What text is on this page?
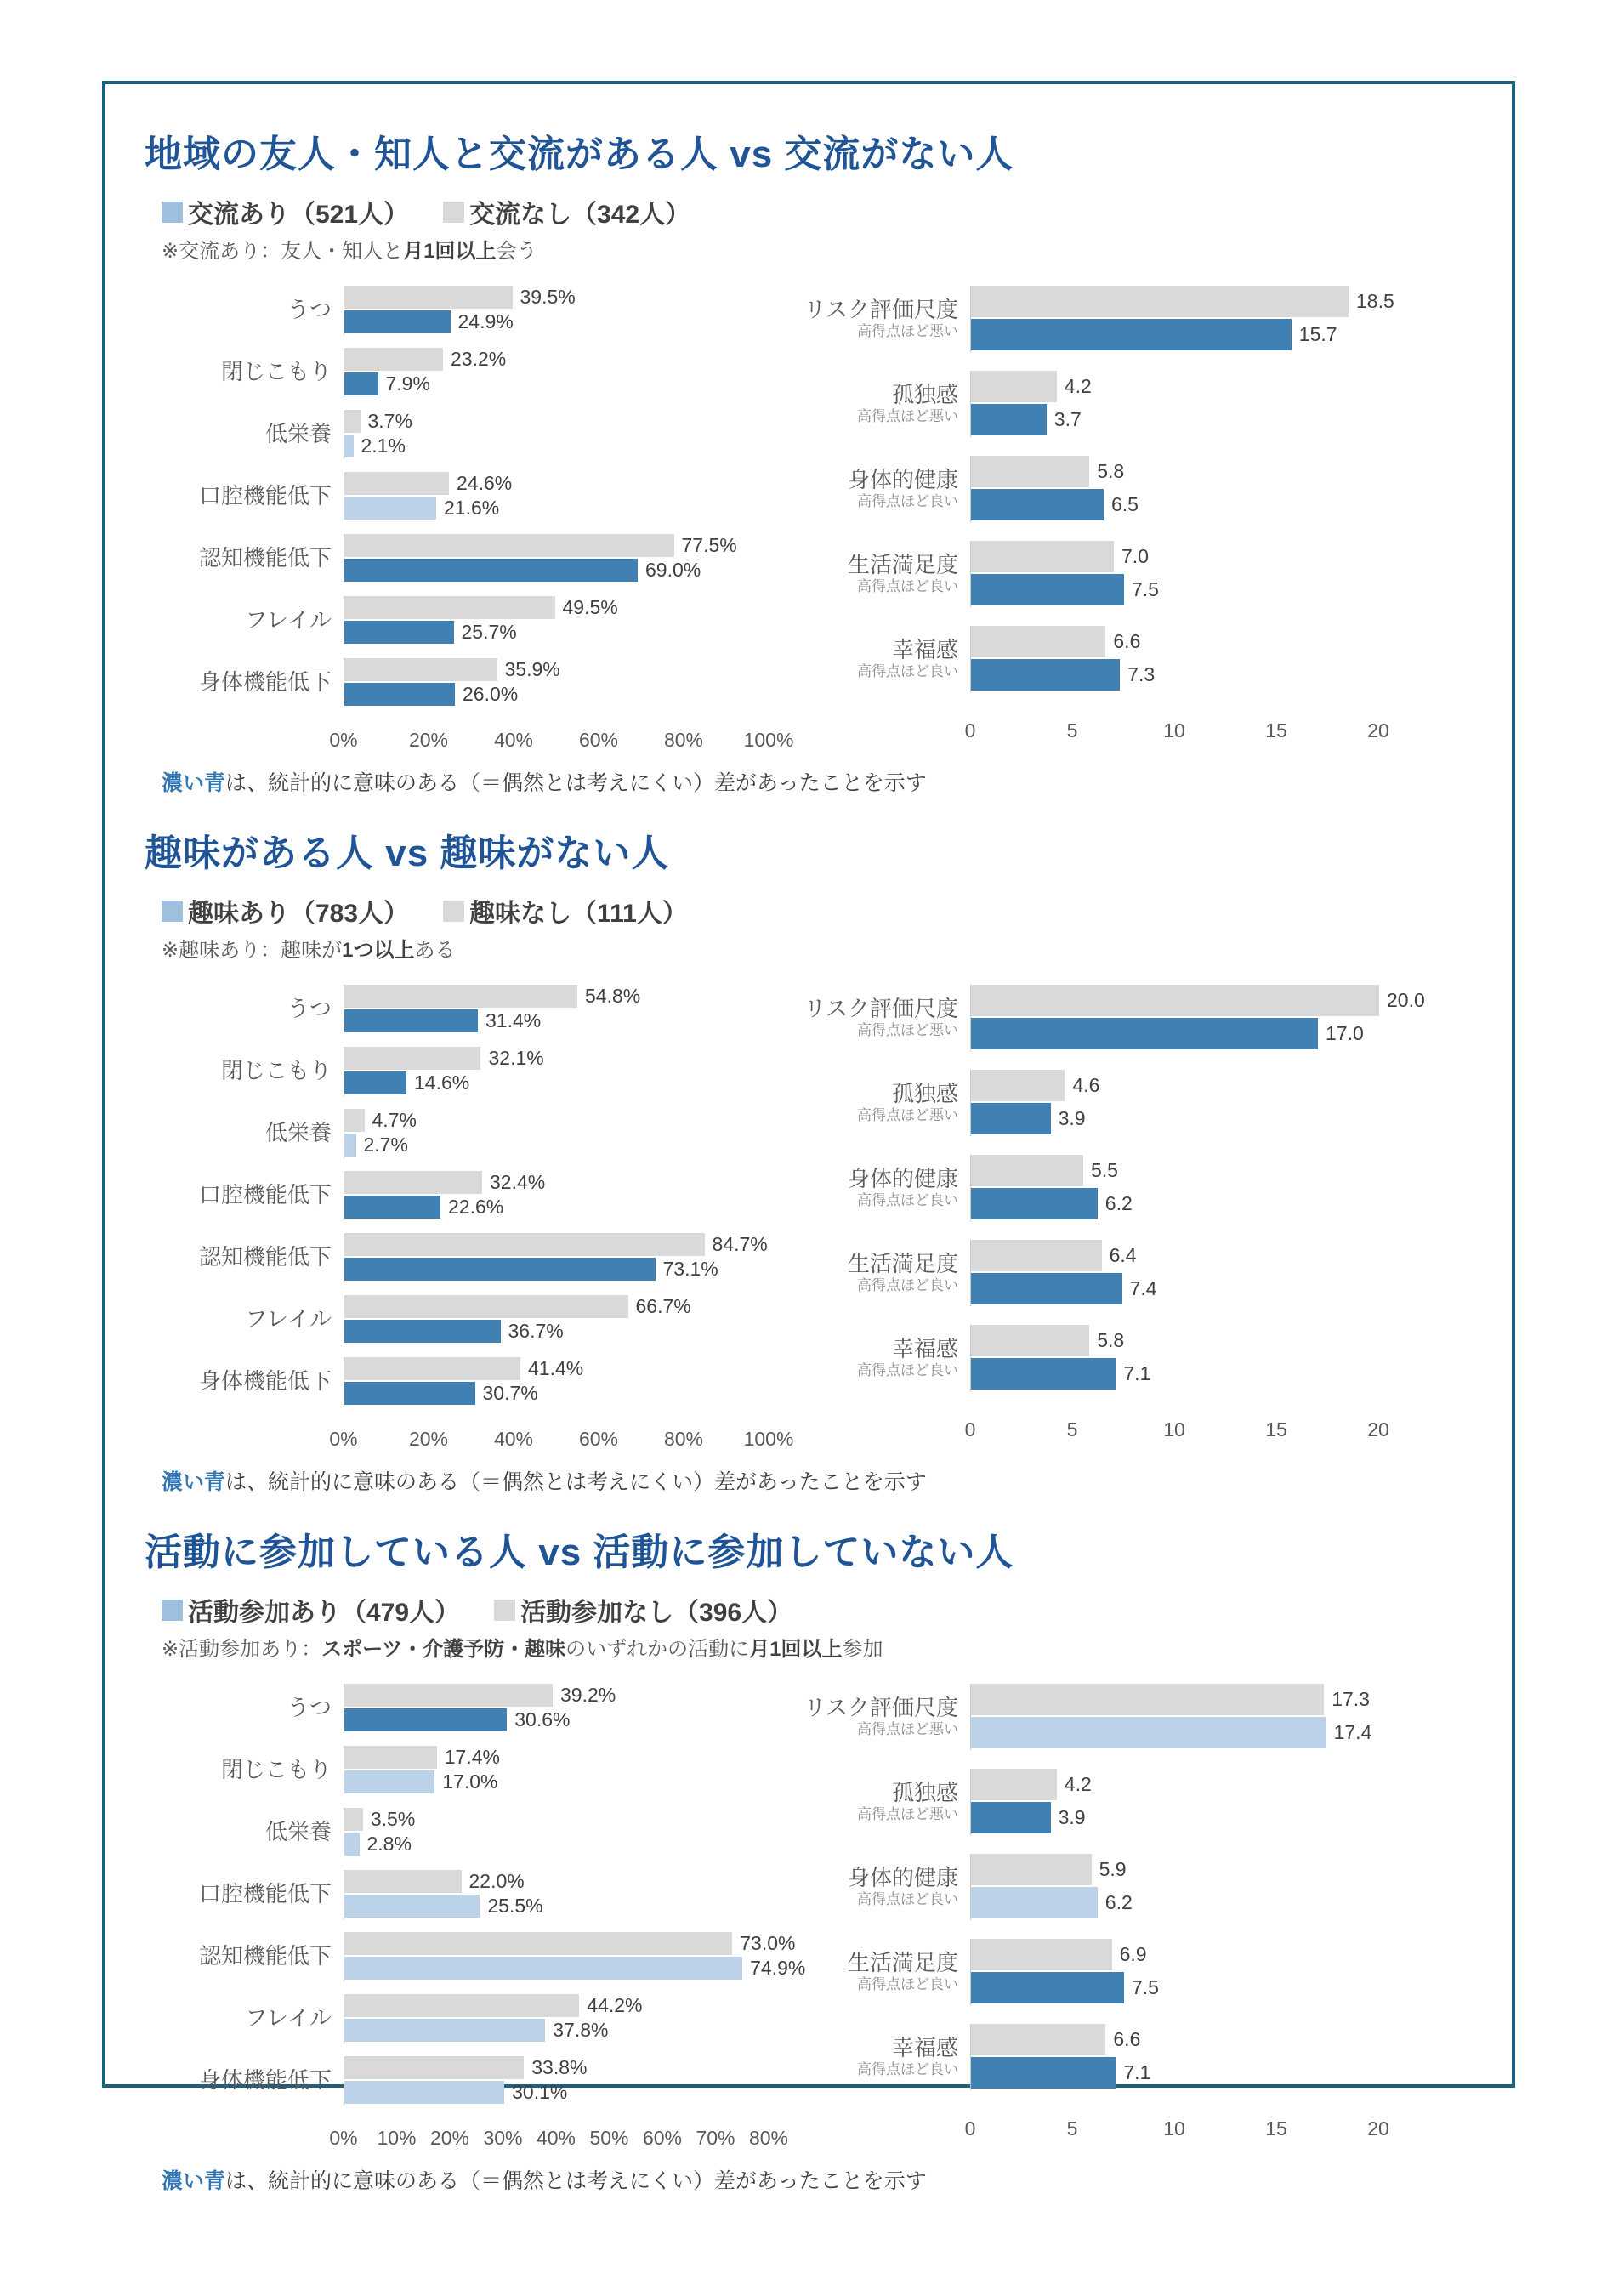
地域の友人・知人と交流がある人 vs 交流がない人
交流あり（521人） 交流なし（342人）
※交流あり：友人・知人と月1回以上会う
うつ
39.5%
24.9%
閉じこもり
23.2%
7.9%
低栄養
3.7%
2.1%
口腔機能低下
24.6%
21.6%
認知機能低下
77.5%
69.0%
フレイル
49.5%
25.7%
身体機能低下
35.9%
26.0%
0%	20% 40% 60% 80% 100%
リスク評価尺度
高得点ほど悪い
18.5
15.7
孤独感
高得点ほど悪い
4.2
3.7
身体的健康
高得点ほど良い
5.8
6.5
生活満足度
高得点ほど良い
7.0
7.5
幸福感
高得点ほど良い
6.6
7.3
0	5	10	15	20
濃い青は、統計的に意味のある（＝偶然とは考えにくい）差があったことを示す
趣味がある人 vs 趣味がない人
趣味あり（783人） 趣味なし（111人）
※趣味あり：趣味が1つ以上ある
うつ
54.8%
31.4%
閉じこもり
32.1%
14.6%
低栄養
4.7%
2.7%
口腔機能低下
32.4%
22.6%
認知機能低下
84.7%
73.1%
フレイル
66.7%
36.7%
身体機能低下
41.4%
30.7%
0%	20% 40% 60% 80% 100%
リスク評価尺度
高得点ほど悪い
20.0
17.0
孤独感
高得点ほど悪い
4.6
3.9
身体的健康
高得点ほど良い
5.5
6.2
生活満足度
高得点ほど良い
6.4
7.4
幸福感
高得点ほど良い
5.8
7.1
0	5	10	15	20
濃い青は、統計的に意味のある（＝偶然とは考えにくい）差があったことを示す
活動に参加している人 vs 活動に参加していない人
活動参加あり（479人） 活動参加なし（396人）
※活動参加あり：スポーツ・介護予防・趣味のいずれかの活動に月1回以上参加
うつ
39.2%
30.6%
閉じこもり
17.4%
17.0%
低栄養
3.5%
2.8%
口腔機能低下
22.0%
25.5%
認知機能低下
73.0%
74.9%
フレイル
44.2%
37.8%
身体機能低下
33.8%
30.1%
0% 10% 20% 30% 40% 50% 60% 70% 80%
リスク評価尺度
高得点ほど悪い
17.3
17.4
孤独感
高得点ほど悪い
4.2
3.9
身体的健康
高得点ほど良い
5.9
6.2
生活満足度
高得点ほど良い
6.9
7.5
幸福感
高得点ほど良い
6.6
7.1
0	5	10	15	20
濃い青は、統計的に意味のある（＝偶然とは考えにくい）差があったことを示す
